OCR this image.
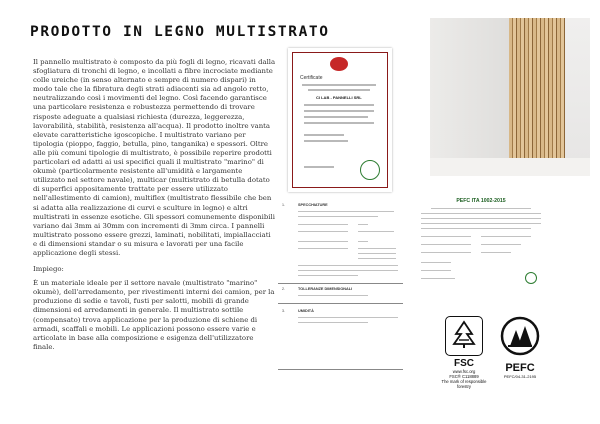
PRODOTTO IN LEGNO MULTISTRATO

Il pannello multistrato è composto da più fogli di legno, ricavati dalla sfogliatura di tronchi di legno, e incollati a fibre incrociate mediante colle ureiche (in senso alternato e sempre di numero dispari) in modo tale che la fibratura degli strati adiacenti sia ad angolo retto, neutralizzando così i movimenti del legno. Così facendo garantisce una particolare resistenza e robustezza permettendo di trovare risposte adeguate a qualsiasi richiesta (durezza, leggerezza, lavorabilità, stabilità, resistenza all'acqua). Il prodotto inoltre vanta elevate caratteristiche igoscopiche. I multistrato variano per tipologia (pioppo, faggio, betulla, pino, tanganika) e spessori. Oltre alle più comuni tipologie di multistrato, è possibile reperire prodotti particolari ed adatti ai usi specifici quali il multistrato "marino" di okumè (particolarmente resistente all'umidità e largamente utilizzato nel settore navale), multicar (multistrato di betulla dotato di superfici appositamente trattate per essere utilizzato nell'allestimento di camion), multiflex (multistrato flessibile che ben si adatta alla realizzazione di curvi e sculture in legno) e altri multistrati in essenze esotiche. Gli spessori comunemente disponibili variano dai 3mm ai 30mm con incrementi di 3mm circa. I pannelli multistrato possono essere grezzi, laminati, nobilitati, impiallacciati e di dimensioni standar o su misura e lavorati per una facile applicazione degli stessi.

Impiego:

È un materiale ideale per il settore navale (multistrato "marino" okumè), dell'arredamento, per rivestimenti interni dei camion, per la produzione di sedie e tavoli, fusti per salotti, mobili di grande dimensioni ed arredamenti in generale. Il multistrato sottile (compensato) trova applicazione per la produzione di schiene di armadi, scaffali e mobili. Le applicazioni possono essere varie e articolate in base alla composizione e esigenza dell'utilizzatore finale.

Certificate
CI LAB - PANNELLI SRL
PEFC ITA 1002-2015
1.	SPECCHIATURE
2.	TOLLERANZE DIMENSIONALI
3.	UMIDITÀ
FSC
www.fsc.org
FSC® C118889
The mark of responsible forestry
PEFC
PEFC/04-31-2195
